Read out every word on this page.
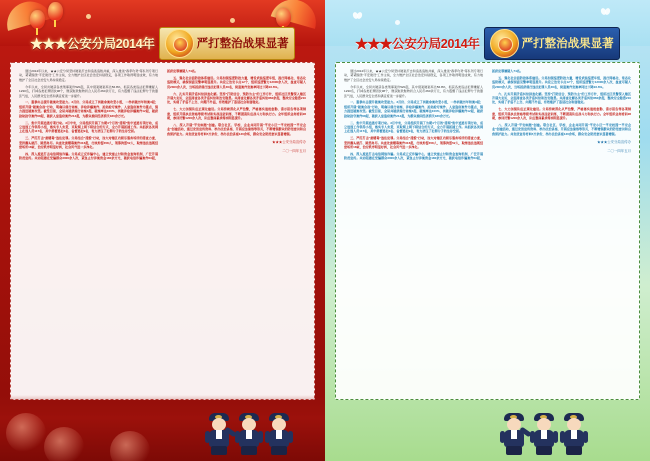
★★★公安分局2014年	严打整治战果显著

通过2014年以来，★★公安分局坚持破案打击和追逃追赃并重，深入推进"春季攻势"等系列专项行动，紧紧围绕"平安建设"工作主线，全力维护全区社会治安持续稳定，各项工作取得明显成效，有力地维护了全区社会治安大局持续稳定。

今年以来，全局共破获各类刑事案件520起，其中现案破案率达56.8%，抓获各类违法犯罪嫌疑人1230名，打掉各类犯罪团伙38个，缴获赃款赃物折合人民币260余万元，有力震慑了违法犯罪分子的嚣张气焰，人民群众安全感和满意度进一步提升。

一、重拳出击提升破案攻坚能力。3月份、分局成立了侦破命案攻坚小组，一举侦破历年积案3起；组织开展"破案会战"行动，明确以现行命案、涉枪涉爆案件、抢劫抢夺案件、入室盗窃案件为重点，强力推进破案攻坚。截至目前，全局共破获现行命案4起，破案率达100%，侦破涉枪涉爆案件12起，破获抢劫抢夺案件68起，破获入室盗窃案件214起，为群众挽回经济损失180余万元。

二、集中开展追逃专项行动。3月中旬，分局组织开展了为期4个月的"清网"集中追逃专项行动，成立追逃工作领导小组，落实专人负责，采取网上网下相结合的方式，全力开展抓捕工作。共抓获各类网上在逃人员117名，其中部督逃犯2名、省督逃犯9名，有力挤压了犯罪分子的生存空间。

三、严厉打击"黄赌毒"违法犯罪。分局结合"清源"行动，加大对辖区内娱乐服务场所的清查力度，坚持露头就打、除恶务尽。共查处黄赌毒案件316起，行政拘留458人，刑事拘留52人，取缔违法违规经营场所18家，治安秩序明显好转，社会风气进一步净化。

四、深入推进打击电信网络诈骗。分局成立反诈骗中心，建立快速止付和资金查询机制，广泛开展防范宣传。共劝阻潜在受骗群众3000余人次，紧急止付涉案资金180余万元，破获电信诈骗案件63起，抓获犯罪嫌疑人74名。

五、强化社会面防控体系建设。分局加强巡逻防控力量，增设武装巡逻车组，推行网格化、常态化巡防模式，确保街面见警率明显提升。共设立治安卡点12个，组织巡逻警力12000余人次，盘查可疑人员2300余人次，当场抓获现行违法犯罪人员46名，街面案件发案率同比下降23.6%。

六、扎实开展矛盾纠纷排查化解。坚持"打防结合、预防为主"的工作方针，组织社区民警深入辖区开展大走访，全面排查各类矛盾纠纷和治安隐患。共排查化解各类矛盾纠纷860余起，整改安全隐患210处，实现了矛盾不上交、问题不外溢，有效维护了基层社会和谐稳定。

七、大力加强队伍正规化建设。分局持续深化从严治警，严格落实值班备勤、请示报告等各项制度，组织开展执法资格等级考试和实战技能训练，不断提高队伍战斗力和执行力。全年组织业务培训28期，参训民警1200余人次，队伍整体素质得到明显提升。

八、深入开展"平安细胞"创建。联合社区、学校、企业共同开展"平安小区""平安校园""平安企业"创建活动，通过发放宣传资料、举办法治讲座、开展应急演练等形式，不断增强群众的防范意识和自我保护能力。共发放宣传材料5万余份，举办法治讲座120余场，群众安全防范意识显著增强。

★★★公安分局宣传办

二〇一四年五月

★★★公安分局2014年	严打整治战果显著

通过2014年以来，★★公安分局坚持破案打击和追逃追赃并重，深入推进"春季攻势"等系列专项行动，紧紧围绕"平安建设"工作主线，全力维护全区社会治安持续稳定，各项工作取得明显成效，有力地维护了全区社会治安大局持续稳定。

今年以来，全局共破获各类刑事案件520起，其中现案破案率达56.8%，抓获各类违法犯罪嫌疑人1230名，打掉各类犯罪团伙38个，缴获赃款赃物折合人民币260余万元，有力震慑了违法犯罪分子的嚣张气焰，人民群众安全感和满意度进一步提升。

一、重拳出击提升破案攻坚能力。3月份、分局成立了侦破命案攻坚小组，一举侦破历年积案3起；组织开展"破案会战"行动，明确以现行命案、涉枪涉爆案件、抢劫抢夺案件、入室盗窃案件为重点，强力推进破案攻坚。截至目前，全局共破获现行命案4起，破案率达100%，侦破涉枪涉爆案件12起，破获抢劫抢夺案件68起，破获入室盗窃案件214起，为群众挽回经济损失180余万元。

二、集中开展追逃专项行动。3月中旬，分局组织开展了为期4个月的"清网"集中追逃专项行动，成立追逃工作领导小组，落实专人负责，采取网上网下相结合的方式，全力开展抓捕工作。共抓获各类网上在逃人员117名，其中部督逃犯2名、省督逃犯9名，有力挤压了犯罪分子的生存空间。

三、严厉打击"黄赌毒"违法犯罪。分局结合"清源"行动，加大对辖区内娱乐服务场所的清查力度，坚持露头就打、除恶务尽。共查处黄赌毒案件316起，行政拘留458人，刑事拘留52人，取缔违法违规经营场所18家，治安秩序明显好转，社会风气进一步净化。

四、深入推进打击电信网络诈骗。分局成立反诈骗中心，建立快速止付和资金查询机制，广泛开展防范宣传。共劝阻潜在受骗群众3000余人次，紧急止付涉案资金180余万元，破获电信诈骗案件63起，抓获犯罪嫌疑人74名。

五、强化社会面防控体系建设。分局加强巡逻防控力量，增设武装巡逻车组，推行网格化、常态化巡防模式，确保街面见警率明显提升。共设立治安卡点12个，组织巡逻警力12000余人次，盘查可疑人员2300余人次，当场抓获现行违法犯罪人员46名，街面案件发案率同比下降23.6%。

六、扎实开展矛盾纠纷排查化解。坚持"打防结合、预防为主"的工作方针，组织社区民警深入辖区开展大走访，全面排查各类矛盾纠纷和治安隐患。共排查化解各类矛盾纠纷860余起，整改安全隐患210处，实现了矛盾不上交、问题不外溢，有效维护了基层社会和谐稳定。

七、大力加强队伍正规化建设。分局持续深化从严治警，严格落实值班备勤、请示报告等各项制度，组织开展执法资格等级考试和实战技能训练，不断提高队伍战斗力和执行力。全年组织业务培训28期，参训民警1200余人次，队伍整体素质得到明显提升。

八、深入开展"平安细胞"创建。联合社区、学校、企业共同开展"平安小区""平安校园""平安企业"创建活动，通过发放宣传资料、举办法治讲座、开展应急演练等形式，不断增强群众的防范意识和自我保护能力。共发放宣传材料5万余份，举办法治讲座120余场，群众安全防范意识显著增强。

★★★公安分局宣传办

二〇一四年五月
